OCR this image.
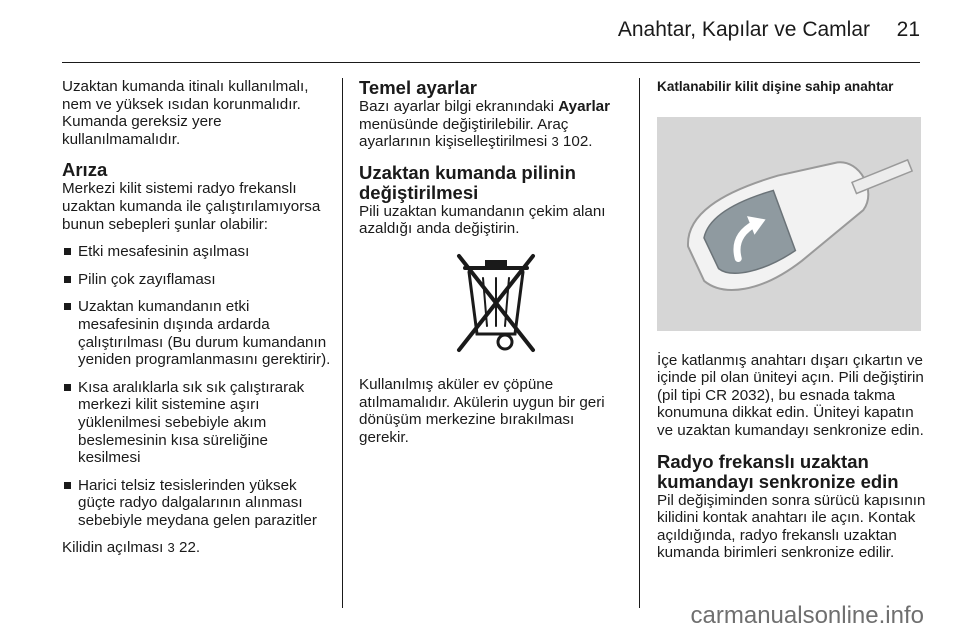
Anahtar, Kapılar ve Camlar 21

Uzaktan kumanda itinalı kullanılmalı, nem ve yüksek ısıdan korunmalıdır. Kumanda gereksiz yere kullanılmamalıdır.

Arıza

Merkezi kilit sistemi radyo frekanslı uzaktan kumanda ile çalıştırılamıyorsa bunun sebepleri şunlar olabilir:

Etki mesafesinin aşılması
Pilin çok zayıflaması
Uzaktan kumandanın etki mesafesinin dışında ardarda çalıştırılması (Bu durum kumandanın yeniden programlanmasını gerektirir).
Kısa aralıklarla sık sık çalıştırarak merkezi kilit sistemine aşırı yüklenilmesi sebebiyle akım beslemesinin kısa süreliğine kesilmesi
Harici telsiz tesislerinden yüksek güçte radyo dalgalarının alınması sebebiyle meydana gelen parazitler

Kilidin açılması 3 22.

Temel ayarlar

Bazı ayarlar bilgi ekranındaki Ayarlar menüsünde değiştirilebilir. Araç ayarlarının kişiselleştirilmesi 3 102.

Uzaktan kumanda pilinin değiştirilmesi

Pili uzaktan kumandanın çekim alanı azaldığı anda değiştirin.

Kullanılmış aküler ev çöpüne atılmamalıdır. Akülerin uygun bir geri dönüşüm merkezine bırakılması gerekir.

Katlanabilir kilit dişine sahip anahtar

İçe katlanmış anahtarı dışarı çıkartın ve içinde pil olan üniteyi açın. Pili değiştirin (pil tipi CR 2032), bu esnada takma konumuna dikkat edin. Üniteyi kapatın ve uzaktan kumandayı senkronize edin.

Radyo frekanslı uzaktan kumandayı senkronize edin

Pil değişiminden sonra sürücü kapısının kilidini kontak anahtarı ile açın. Kontak açıldığında, radyo frekanslı uzaktan kumanda birimleri senkronize edilir.

carmanualsonline.info
